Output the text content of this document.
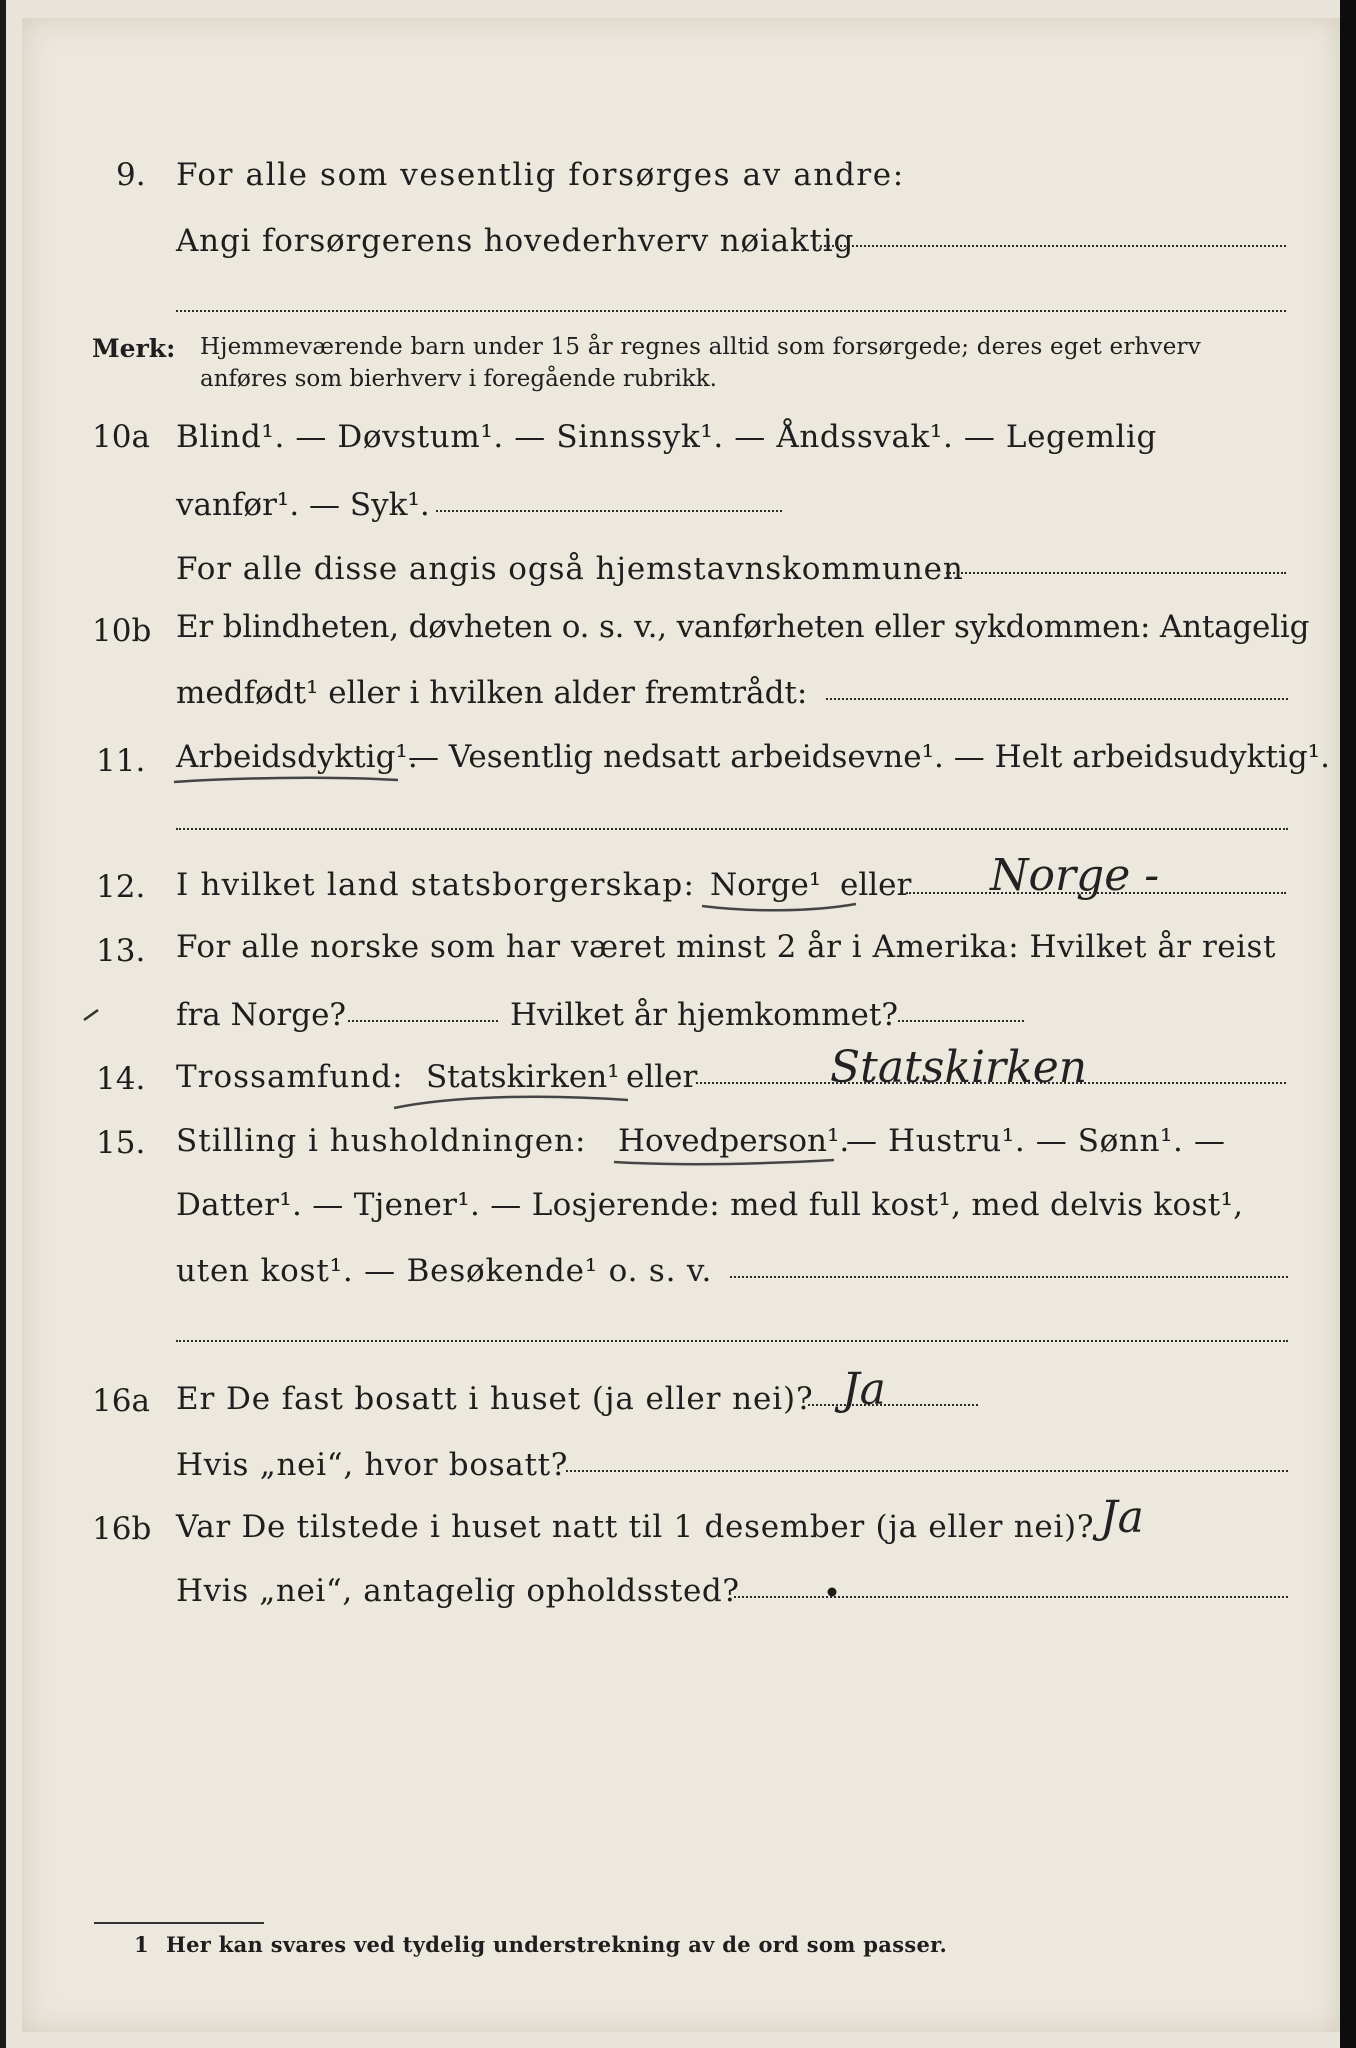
9. For alle som vesentlig forsørges av andre:
Angi forsørgerens hovederhverv nøiaktig
Merk: Hjemmeværende barn under 15 år regnes alltid som forsørgede; deres eget erhverv
anføres som bierhverv i foregående rubrikk.
10a Blind¹. — Døvstum¹. — Sinnssyk¹. — Åndssvak¹. — Legemlig
vanfør¹. — Syk¹.
For alle disse angis også hjemstavnskommunen
10b Er blindheten, døvheten o. s. v., vanførheten eller sykdommen: Antagelig
medfødt¹ eller i hvilken alder fremtrådt:
11. Arbeidsdyktig¹.
— Vesentlig nedsatt arbeidsevne¹. — Helt arbeidsudyktig¹.
12. I hvilket land statsborgerskap: Norge¹ eller Norge -
13. For alle norske som har været minst 2 år i Amerika: Hvilket år reist
fra Norge?	Hvilket år hjemkommet?
14. Trossamfund: Statskirken¹ eller	Statskirken
15. Stilling i husholdningen: Hovedperson¹.
— Hustru¹. — Sønn¹. —
Datter¹. — Tjener¹. — Losjerende: med full kost¹, med delvis kost¹,
uten kost¹. — Besøkende¹ o. s. v.
16a Er De fast bosatt i huset (ja eller nei)? Ja
Hvis „nei“, hvor bosatt?
16b Var De tilstede i huset natt til 1 desember (ja eller nei)? Ja
Hvis „nei“, antagelig opholdssted?
1 Her kan svares ved tydelig understrekning av de ord som passer.
